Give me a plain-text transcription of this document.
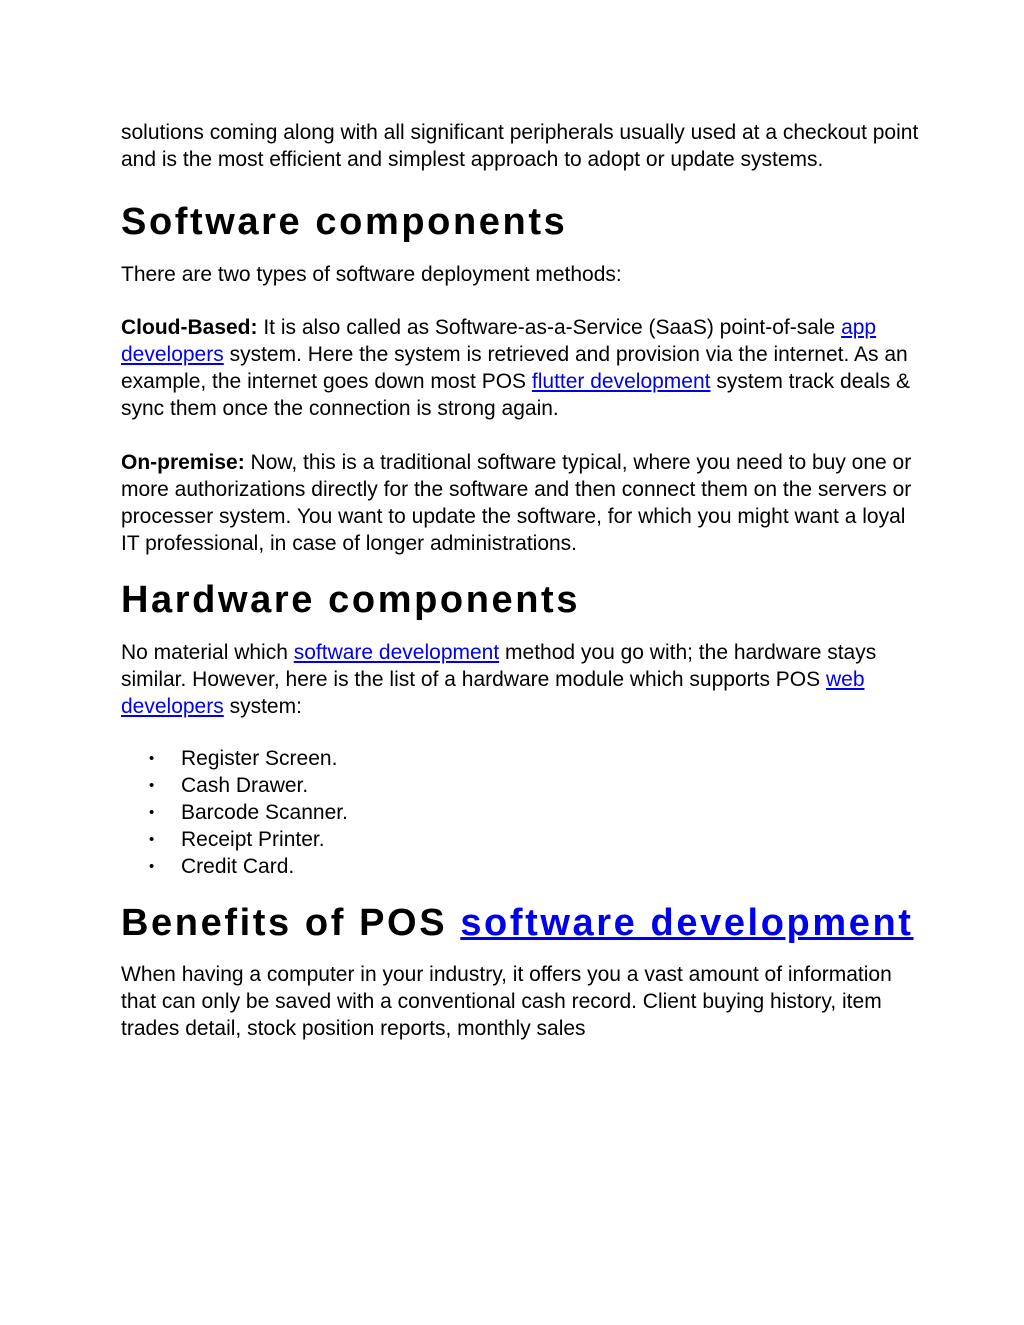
solutions coming along with all significant peripherals usually used at a checkout point and is the most efficient and simplest approach to adopt or update systems.

Software components

There are two types of software deployment methods:

Cloud-Based: It is also called as Software-as-a-Service (SaaS) point-of-sale app developers system. Here the system is retrieved and provision via the internet. As an example, the internet goes down most POS flutter development system track deals & sync them once the connection is strong again.

On-premise: Now, this is a traditional software typical, where you need to buy one or more authorizations directly for the software and then connect them on the servers or processer system. You want to update the software, for which you might want a loyal IT professional, in case of longer administrations.

Hardware components

No material which software development method you go with; the hardware stays similar. However, here is the list of a hardware module which supports POS web developers system:

• Register Screen.
• Cash Drawer.
• Barcode Scanner.
• Receipt Printer.
• Credit Card.
Benefits of POS software development

When having a computer in your industry, it offers you a vast amount of information that can only be saved with a conventional cash record. Client buying history, item trades detail, stock position reports, monthly sales
